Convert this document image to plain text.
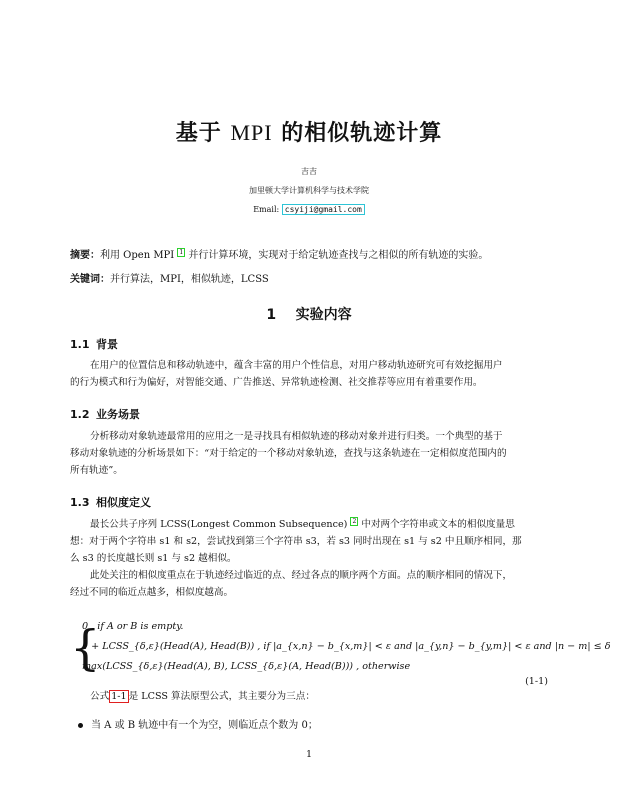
基于 MPI 的相似轨迹计算
吉吉
加里顿大学计算机科学与技术学院
Email: csyiji@gmail.com
摘要：利用 Open MPI 1 并行计算环境，实现对于给定轨迹查找与之相似的所有轨迹的实验。
关键词：并行算法，MPI，相似轨迹，LCSS
1 实验内容
1.1 背景

在用户的位置信息和移动轨迹中，蕴含丰富的用户个性信息，对用户移动轨迹研究可有效挖掘用户

的行为模式和行为偏好，对智能交通、广告推送、异常轨迹检测、社交推荐等应用有着重要作用。

1.2 业务场景

分析移动对象轨迹最常用的应用之一是寻找具有相似轨迹的移动对象并进行归类。一个典型的基于

移动对象轨迹的分析场景如下：“对于给定的一个移动对象轨迹，查找与这条轨迹在一定相似度范围内的

所有轨迹”。

1.3 相似度定义

最长公共子序列 LCSS(Longest Common Subsequence) 2 中对两个字符串或文本的相似度量思

想：对于两个字符串 s1 和 s2，尝试找到第三个字符串 s3，若 s3 同时出现在 s1 与 s2 中且顺序相同，那

么 s3 的长度越长则 s1 与 s2 越相似。

此处关注的相似度重点在于轨迹经过临近的点、经过各点的顺序两个方面。点的顺序相同的情况下，

经过不同的临近点越多，相似度越高。

{
0 , if A or B is empty.
1 + LCSS_{δ,ε}(Head(A), Head(B)) , if |a_{x,n} − b_{x,m}| < ε and |a_{y,n} − b_{y,m}| < ε and |n − m| ≤ δ
max(LCSS_{δ,ε}(Head(A), B), LCSS_{δ,ε}(A, Head(B))) , otherwise
(1-1)

公式 1-1 是 LCSS 算法原型公式，其主要分为三点：

当 A 或 B 轨迹中有一个为空，则临近点个数为 0；
1
